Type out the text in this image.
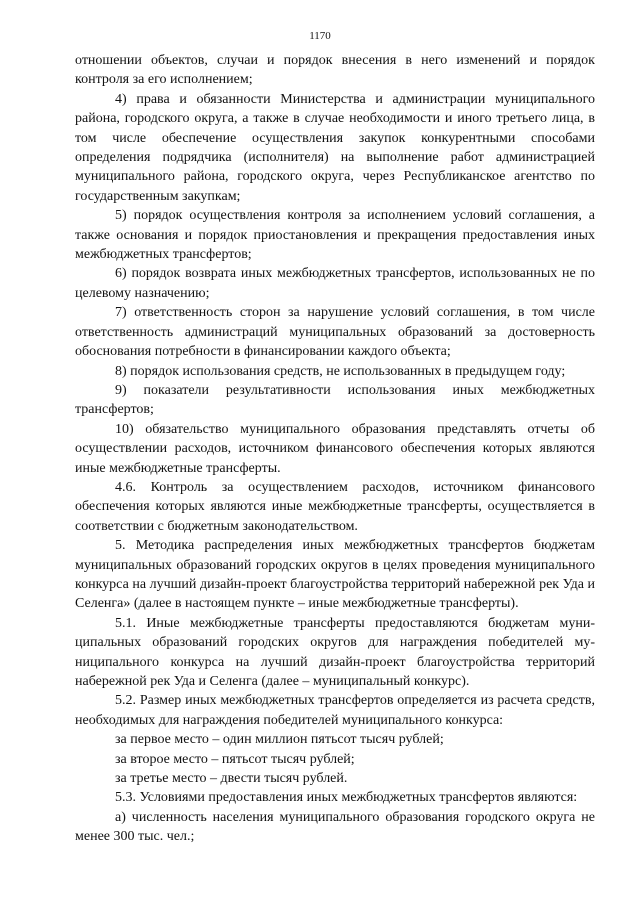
1170

отношении объектов, случаи и порядок внесения в него изменений и порядок контроля за его исполнением;

4) права и обязанности Министерства и администрации муниципального района, городского округа, а также в случае необходимости и иного третьего лица, в том числе обеспечение осуществления закупок конкурентными способами определения подрядчика (исполнителя) на выполнение работ администрацией муниципального района, городского округа, через Республиканское агентство по государственным закупкам;

5) порядок осуществления контроля за исполнением условий соглашения, а также основания и порядок приостановления и прекращения предоставления иных межбюджетных трансфертов;

6) порядок возврата иных межбюджетных трансфертов, использованных не по целевому назначению;

7) ответственность сторон за нарушение условий соглашения, в том числе ответственность администраций муниципальных образований за достоверность обоснования потребности в финансировании каждого объекта;

8) порядок использования средств, не использованных в предыдущем году;

9) показатели результативности использования иных межбюджетных трансфертов;

10) обязательство муниципального образования представлять отчеты об осуществлении расходов, источником финансового обеспечения которых являются иные межбюджетные трансферты.

4.6. Контроль за осуществлением расходов, источником финансового обеспечения которых являются иные межбюджетные трансферты, осуществляется в соответствии с бюджетным законодательством.

5. Методика распределения иных межбюджетных трансфертов бюджетам муниципальных образований городских округов в целях проведения муниципального конкурса на лучший дизайн-проект благоустройства территорий набережной рек Уда и Селенга» (далее в настоящем пункте – иные межбюджетные трансферты).

5.1. Иные межбюджетные трансферты предоставляются бюджетам муниципальных образований городских округов для награждения победителей муниципального конкурса на лучший дизайн-проект благоустройства территорий набережной рек Уда и Селенга (далее – муниципальный конкурс).

5.2. Размер иных межбюджетных трансфертов определяется из расчета средств, необходимых для награждения победителей муниципального конкурса:

за первое место – один миллион пятьсот тысяч рублей;

за второе место – пятьсот тысяч рублей;

за третье место – двести тысяч рублей.

5.3. Условиями предоставления иных межбюджетных трансфертов являются:

а) численность населения муниципального образования городского округа не менее 300 тыс. чел.;
